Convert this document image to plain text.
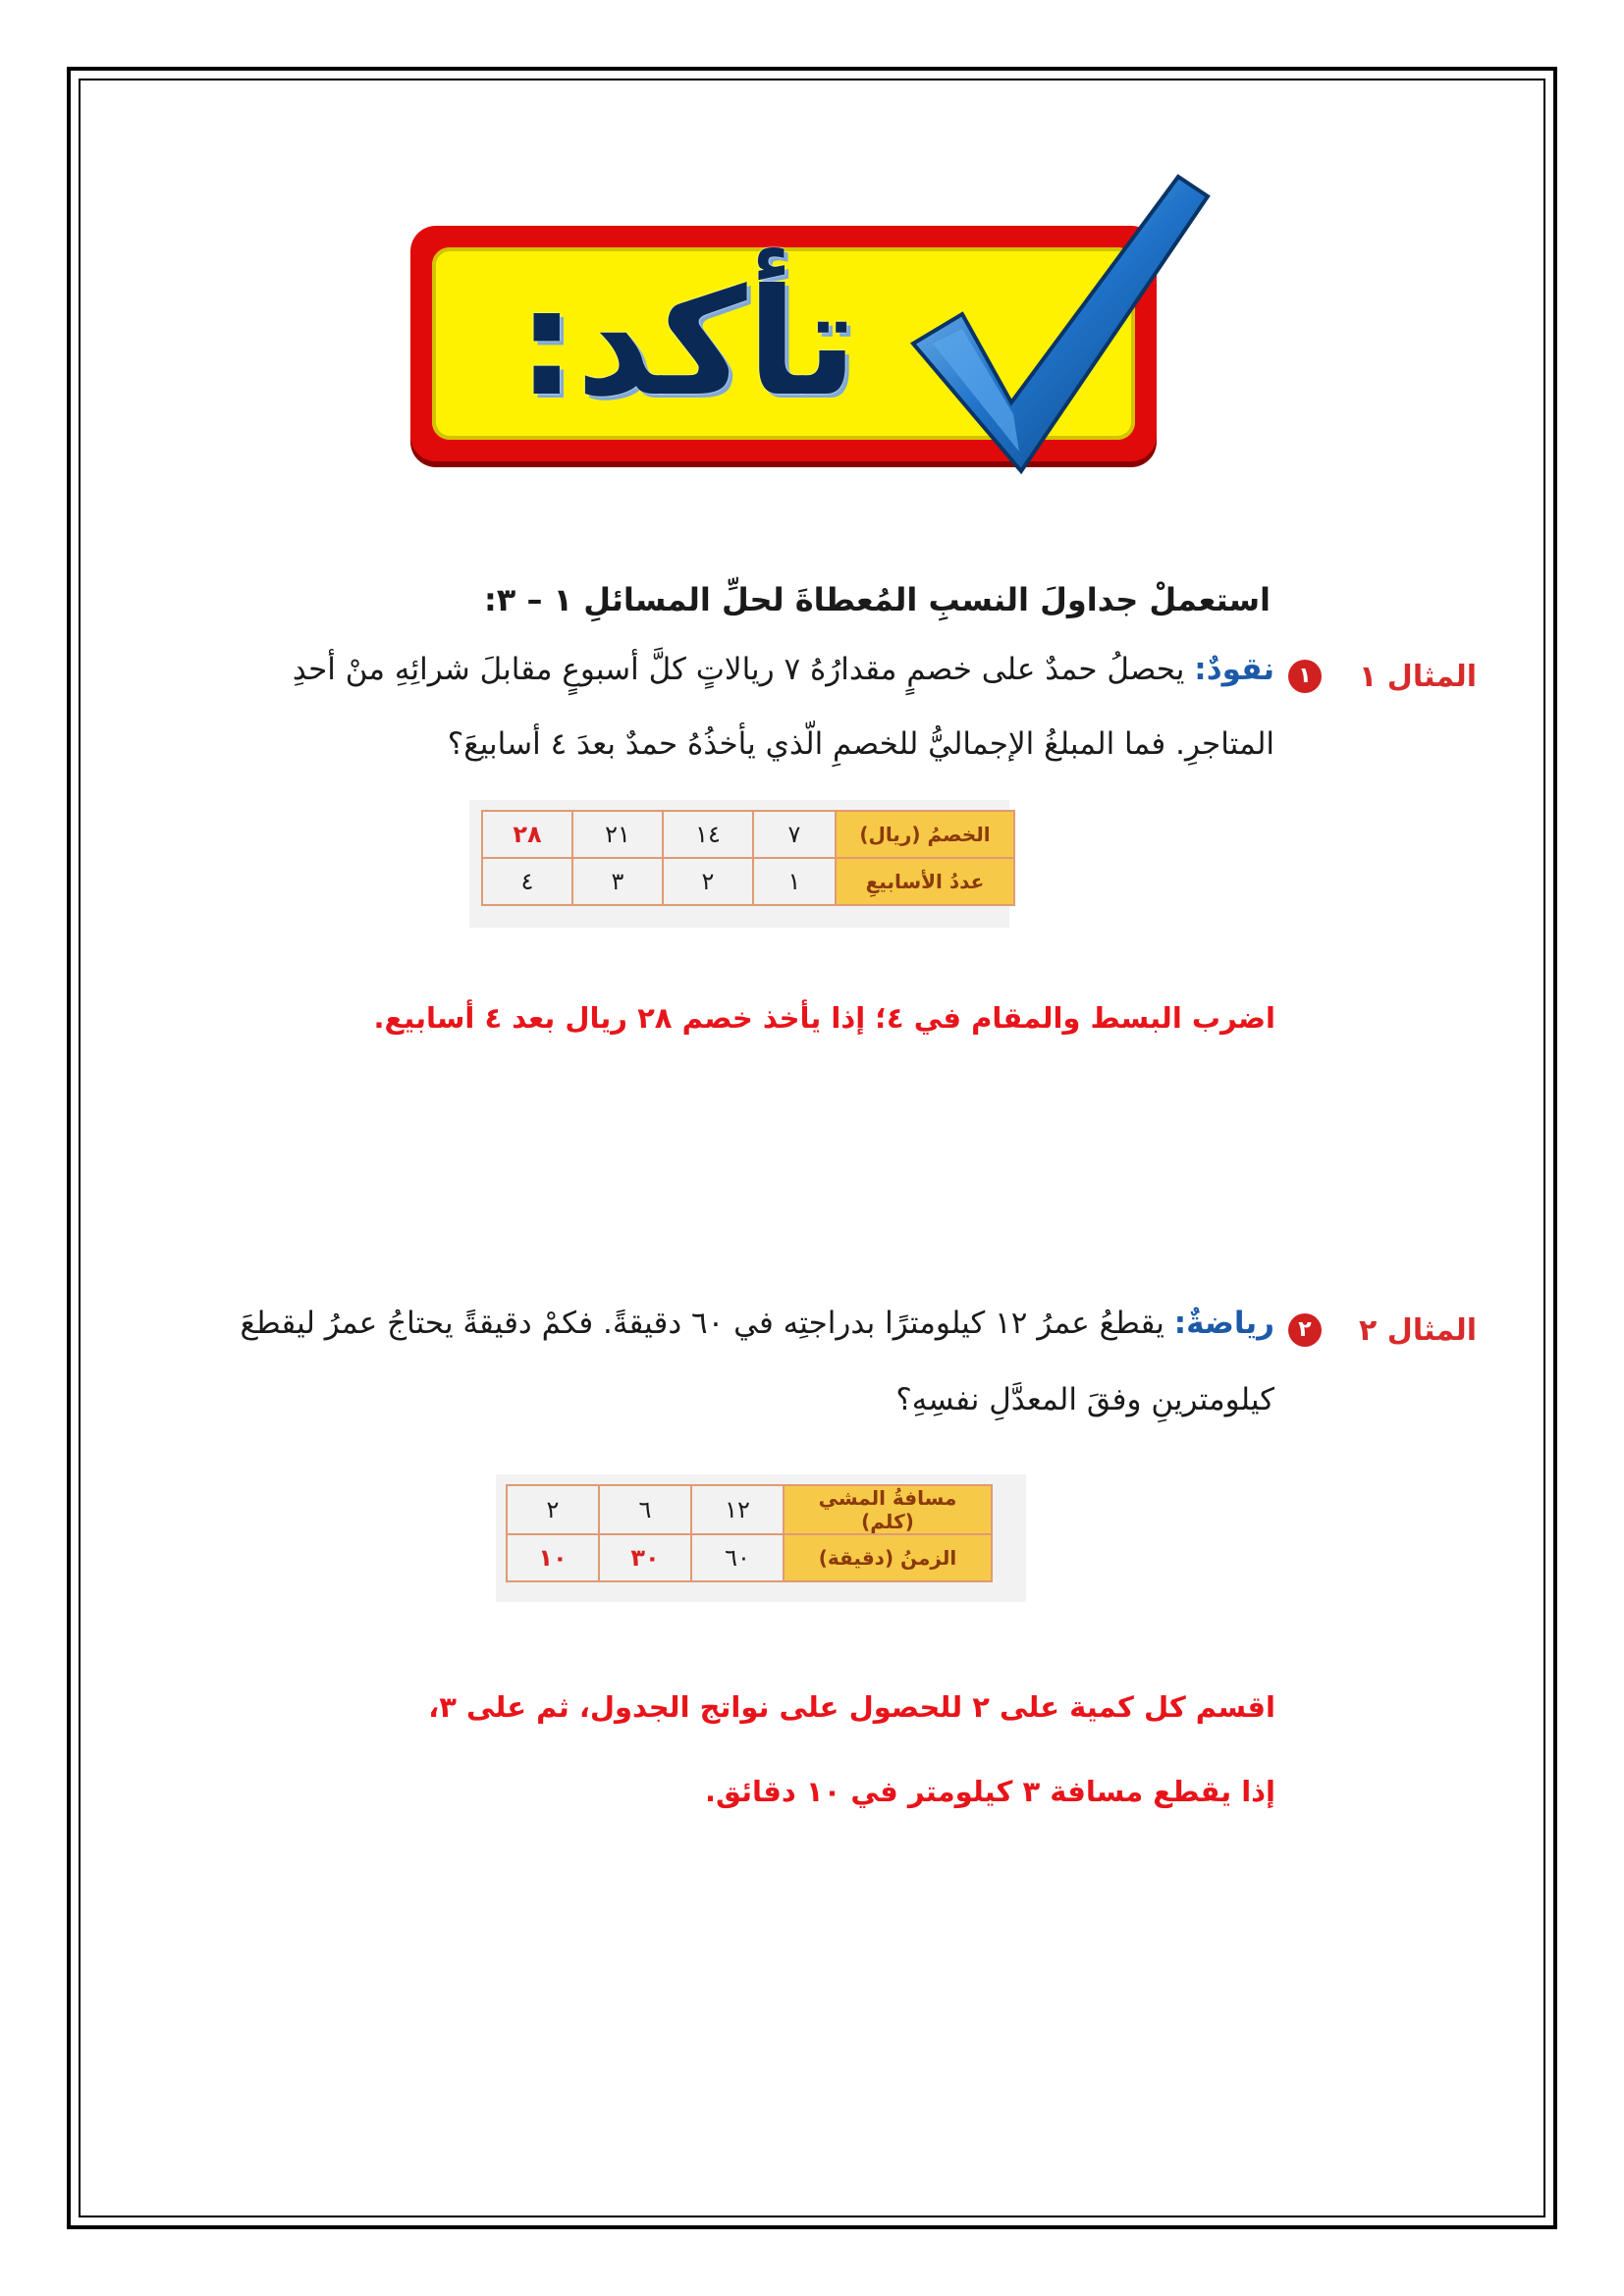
تأكد:
استعملْ جداولَ النسبِ المُعطاةَ لحلِّ المسائلِ ١ – ٣:
المثال ١
١
نقودٌ: يحصلُ حمدٌ على خصمٍ مقدارُهُ ٧ ريالاتٍ كلَّ أسبوعٍ مقابلَ شرائِهِ منْ أحدِ
المتاجرِ. فما المبلغُ الإجماليُّ للخصمِ الّذي يأخذُهُ حمدٌ بعدَ ٤ أسابيعَ؟
الخصمُ (ريال)	٧	١٤	٢١	٢٨
عددُ الأسابيعِ	١	٢	٣	٤
اضرب البسط والمقام في ٤؛ إذا يأخذ خصم ٢٨ ريال بعد ٤ أسابيع.
المثال ٢
٢
رياضةٌ: يقطعُ عمرُ ١٢ كيلومترًا بدراجتِه في ٦٠ دقيقةً. فكمْ دقيقةً يحتاجُ عمرُ ليقطعَ
كيلومترينِ وفقَ المعدَّلِ نفسِهِ؟
مسافةُ المشي (كلم)	١٢	٦	٢
الزمنُ (دقيقة)	٦٠	٣٠	١٠
اقسم كل كمية على ٢ للحصول على نواتج الجدول، ثم على ٣،
إذا يقطع مسافة ٣ كيلومتر في ١٠ دقائق.
